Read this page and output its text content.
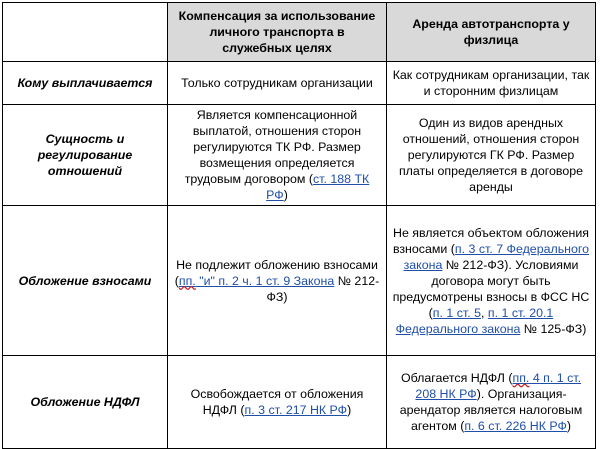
	Компенсация за использование личного транспорта в служебных целях	Аренда автотранспорта у физлица
Кому выплачивается	Только сотрудникам организации	Как сотрудникам организации, так и сторонним физлицам
Сущность и регулирование отношений	Является компенсационной выплатой, отношения сторон регулируются ТК РФ. Размер возмещения определяется трудовым договором (ст. 188 ТК РФ)	Один из видов арендных отношений, отношения сторон регулируются ГК РФ. Размер платы определяется в договоре аренды
Обложение взносами	Не подлежит обложению взносами (пп. "и" п. 2 ч. 1 ст. 9 Закона № 212-ФЗ)	Не является объектом обложения взносами (п. 3 ст. 7 Федерального закона № 212-ФЗ). Условиями договора могут быть предусмотрены взносы в ФСС НС (п. 1 ст. 5, п. 1 ст. 20.1 Федерального закона № 125-ФЗ)
Обложение НДФЛ	Освобождается от обложения НДФЛ (п. 3 ст. 217 НК РФ)	Облагается НДФЛ (пп. 4 п. 1 ст. 208 НК РФ). Организация-арендатор является налоговым агентом (п. 6 ст. 226 НК РФ)
